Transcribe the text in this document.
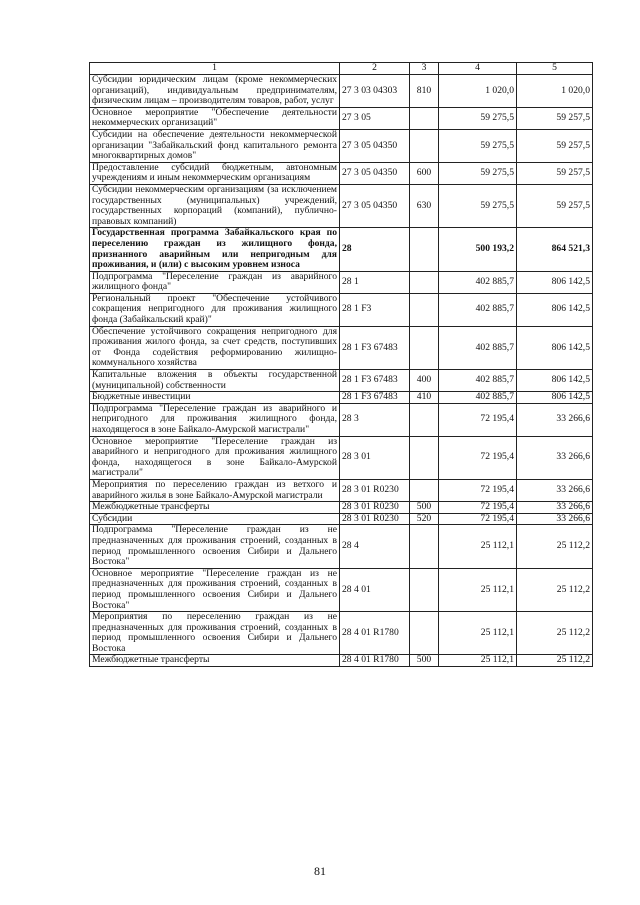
1	2	3	4	5
Субсидии юридическим лицам (кроме некоммерческих организаций), индивидуальным предпринимателям, физическим лицам – производителям товаров, работ, услуг	27 3 03 04303	810	1 020,0	1 020,0
Основное мероприятие "Обеспечение деятельности некоммерческих организаций"	27 3 05		59 275,5	59 257,5
Субсидии на обеспечение деятельности некоммерческой организации "Забайкальский фонд капитального ремонта многоквартирных домов"	27 3 05 04350		59 275,5	59 257,5
Предоставление субсидий бюджетным, автономным учреждениям и иным некоммерческим организациям	27 3 05 04350	600	59 275,5	59 257,5
Субсидии некоммерческим организациям (за исключением государственных (муниципальных) учреждений, государственных корпораций (компаний), публично-правовых компаний)	27 3 05 04350	630	59 275,5	59 257,5
Государственная программа Забайкальского края по переселению граждан из жилищного фонда, признанного аварийным или непригодным для проживания, и (или) с высоким уровнем износа	28		500 193,2	864 521,3
Подпрограмма "Переселение граждан из аварийного жилищного фонда"	28 1		402 885,7	806 142,5
Региональный проект "Обеспечение устойчивого сокращения непригодного для проживания жилищного фонда (Забайкальский край)"	28 1 F3		402 885,7	806 142,5
Обеспечение устойчивого сокращения непригодного для проживания жилого фонда, за счет средств, поступивших от Фонда содействия реформированию жилищно-коммунального хозяйства	28 1 F3 67483		402 885,7	806 142,5
Капитальные вложения в объекты государственной (муниципальной) собственности	28 1 F3 67483	400	402 885,7	806 142,5
Бюджетные инвестиции	28 1 F3 67483	410	402 885,7	806 142,5
Подпрограмма "Переселение граждан из аварийного и непригодного для проживания жилищного фонда, находящегося в зоне Байкало-Амурской магистрали"	28 3		72 195,4	33 266,6
Основное мероприятие "Переселение граждан из аварийного и непригодного для проживания жилищного фонда, находящегося в зоне Байкало-Амурской магистрали"	28 3 01		72 195,4	33 266,6
Мероприятия по переселению граждан из ветхого и аварийного жилья в зоне Байкало-Амурской магистрали	28 3 01 R0230		72 195,4	33 266,6
Межбюджетные трансферты	28 3 01 R0230	500	72 195,4	33 266,6
Субсидии	28 3 01 R0230	520	72 195,4	33 266,6
Подпрограмма "Переселение граждан из не предназначенных для проживания строений, созданных в период промышленного освоения Сибири и Дальнего Востока"	28 4		25 112,1	25 112,2
Основное мероприятие "Переселение граждан из не предназначенных для проживания строений, созданных в период промышленного освоения Сибири и Дальнего Востока"	28 4 01		25 112,1	25 112,2
Мероприятия по переселению граждан из не предназначенных для проживания строений, созданных в период промышленного освоения Сибири и Дальнего Востока	28 4 01 R1780		25 112,1	25 112,2
Межбюджетные трансферты	28 4 01 R1780	500	25 112,1	25 112,2
81
